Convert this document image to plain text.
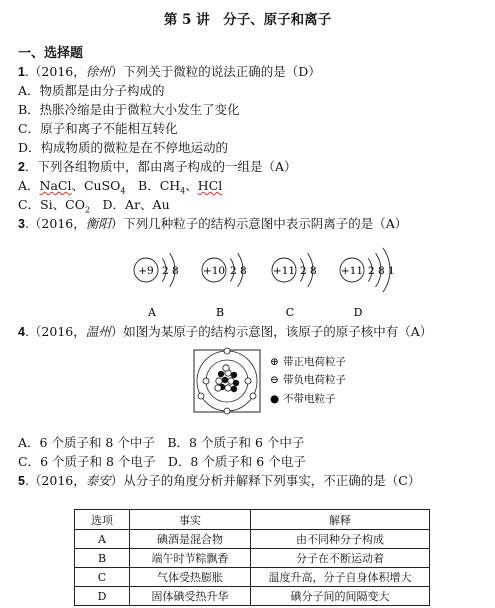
第 5 讲　分子、原子和离子
一、选择题
1.（2016，徐州）下列关于微粒的说法正确的是（D）
A．物质都是由分子构成的
B．热胀冷缩是由于微粒大小发生了变化
C．原子和离子不能相互转化
D．构成物质的微粒是在不停地运动的
2．下列各组物质中，都由离子构成的一组是（A）
A．NaCl、CuSO$_4$　B．$CH_4$、HCl
C．Si、$CO_2$　D．Ar、Au
3.（2016，衡阳）下列几种粒子的结构示意图中表示阴离子的是（A）
+9 2 8
A
+10 2 8
B
+11 2 8
C
+11 2 8 1
D
4.（2016，温州）如图为某原子的结构示意图，该原子的原子核中有（A）
⊕ 带正电荷粒子
⊖ 带负电荷粒子
● 不带电粒子
A．6 个质子和 8 个中子　B．8 个质子和 6 个中子
C．6 个质子和 8 个电子　D．8 个质子和 6 个电子
5.（2016，泰安）从分子的角度分析并解释下列事实，不正确的是（C）
选项	事实	解释
A	碘酒是混合物	由不同种分子构成
B	端午时节粽飘香	分子在不断运动着
C	气体受热膨胀	温度升高，分子自身体积增大
D	固体碘受热升华	碘分子间的间隔变大
